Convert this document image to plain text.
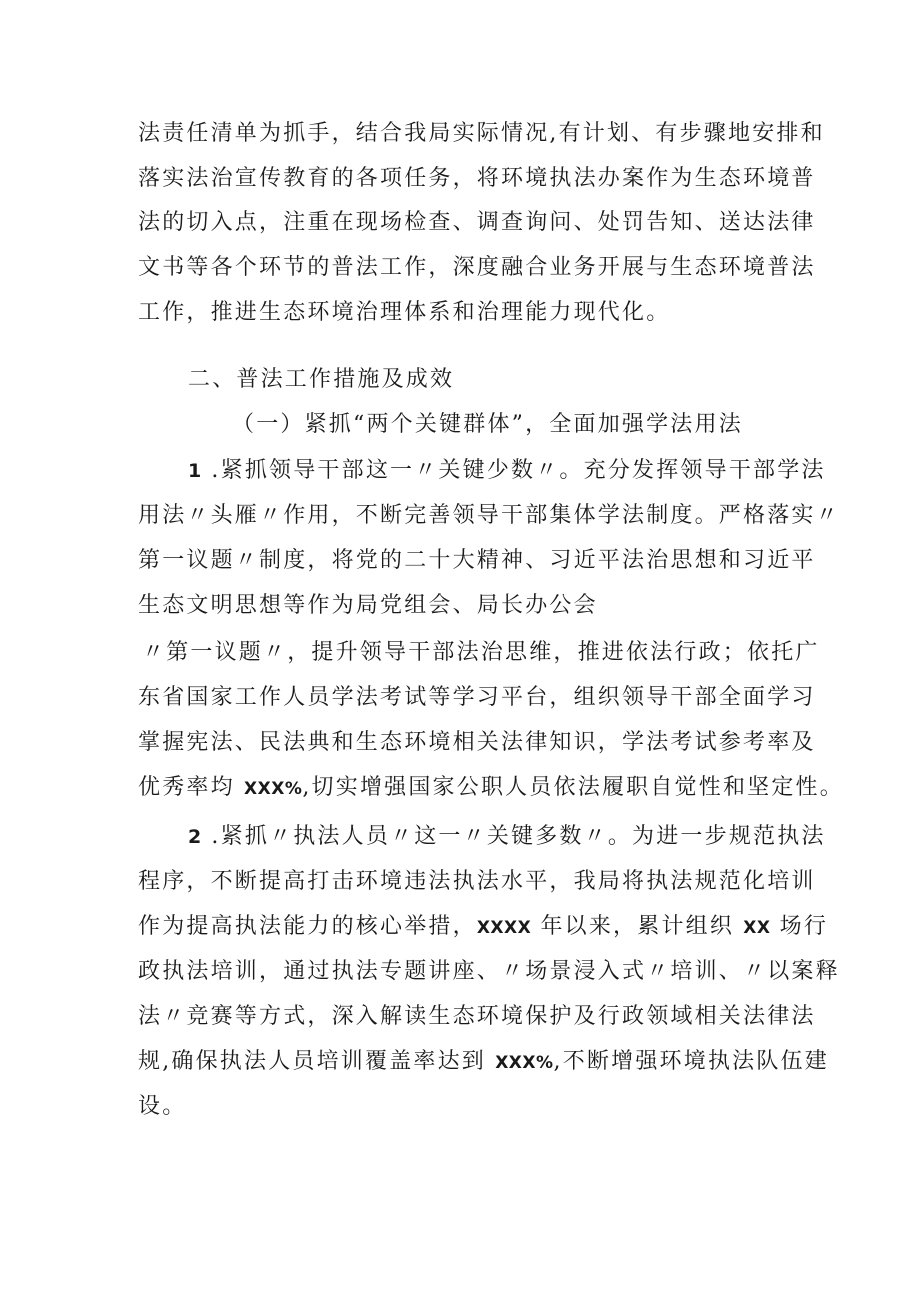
法责任清单为抓手，结合我局实际情况,有计划、有步骤地安排和
落实法治宣传教育的各项任务，将环境执法办案作为生态环境普
法的切入点，注重在现场检查、调查询问、处罚告知、送达法律
文书等各个环节的普法工作，深度融合业务开展与生态环境普法
工作，推进生态环境治理体系和治理能力现代化。
二、普法工作措施及成效
（一）紧抓“两个关键群体”，全面加强学法用法
1 .紧抓领导干部这一〃关键少数〃。充分发挥领导干部学法
用法〃头雁〃作用，不断完善领导干部集体学法制度。严格落实〃
第一议题〃制度，将党的二十大精神、习近平法治思想和习近平
生态文明思想等作为局党组会、局长办公会
〃第一议题〃，提升领导干部法治思维，推进依法行政；依托广
东省国家工作人员学法考试等学习平台，组织领导干部全面学习
掌握宪法、民法典和生态环境相关法律知识，学法考试参考率及
优秀率均 XXX%,切实增强国家公职人员依法履职自觉性和坚定性。
2 .紧抓〃执法人员〃这一〃关键多数〃。为进一步规范执法
程序，不断提高打击环境违法执法水平，我局将执法规范化培训
作为提高执法能力的核心举措，XXXX 年以来，累计组织 XX 场行
政执法培训，通过执法专题讲座、〃场景浸入式〃培训、〃以案释
法〃竞赛等方式，深入解读生态环境保护及行政领域相关法律法
规,确保执法人员培训覆盖率达到 XXX%,不断增强环境执法队伍建
设。
